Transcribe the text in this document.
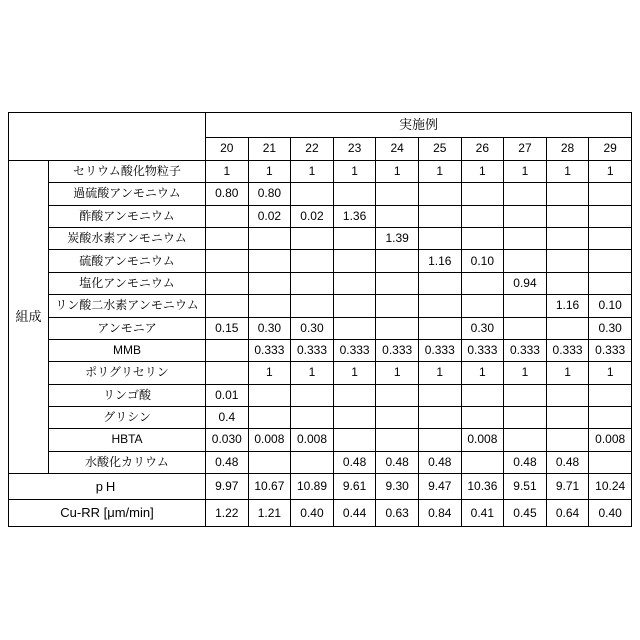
		実施例									
		20	21	22	23	24	25	26	27	28	29
組成	セリウム酸化物粒子	1	1	1	1	1	1	1	1	1	1
	過硫酸アンモニウム	0.80	0.80								
	酢酸アンモニウム		0.02	0.02	1.36						
	炭酸水素アンモニウム					1.39					
	硫酸アンモニウム						1.16	0.10			
	塩化アンモニウム								0.94		
	リン酸二水素アンモニウム									1.16	0.10
	アンモニア	0.15	0.30	0.30				0.30			0.30
	MMB		0.333	0.333	0.333	0.333	0.333	0.333	0.333	0.333	0.333
	ポリグリセリン		1	1	1	1	1	1	1	1	1
	リンゴ酸	0.01									
	グリシン	0.4									
	HBTA	0.030	0.008	0.008				0.008			0.008
	水酸化カリウム	0.48			0.48	0.48	0.48		0.48	0.48	
pH		9.97	10.67	10.89	9.61	9.30	9.47	10.36	9.51	9.71	10.24
Cu-RR [μm/min]		1.22	1.21	0.40	0.44	0.63	0.84	0.41	0.45	0.64	0.40
